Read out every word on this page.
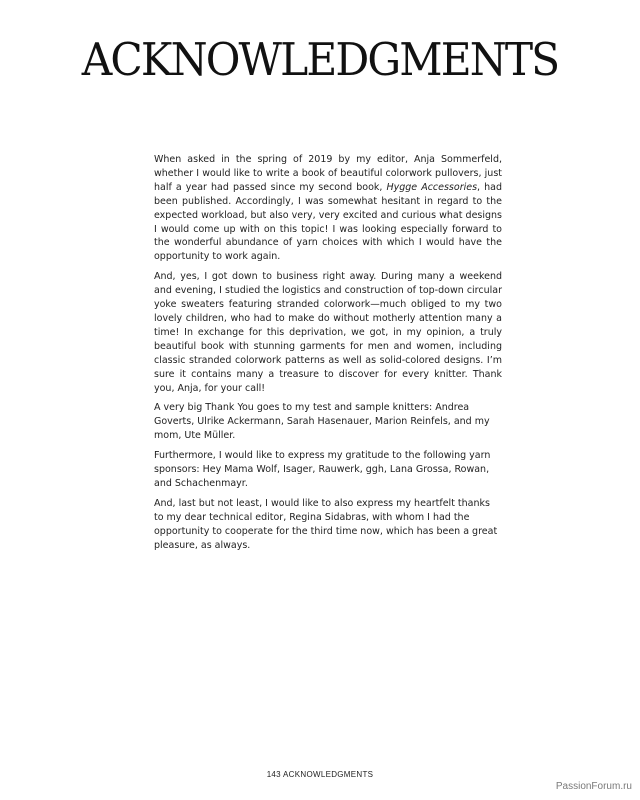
ACKNOWLEDGMENTS

When asked in the spring of 2019 by my editor, Anja Sommerfeld, whether I would like to write a book of beautiful colorwork pullovers, just half a year had passed since my second book, Hygge Accessories, had been published. Accordingly, I was somewhat hesitant in regard to the expected workload, but also very, very excited and curious what designs I would come up with on this topic! I was looking especially forward to the wonderful abundance of yarn choices with which I would have the opportunity to work again.

And, yes, I got down to business right away. During many a weekend and evening, I studied the logistics and construction of top-down circular yoke sweaters featuring stranded colorwork—much obliged to my two lovely children, who had to make do without motherly attention many a time! In exchange for this deprivation, we got, in my opinion, a truly beautiful book with stunning garments for men and women, including classic stranded colorwork patterns as well as solid-colored designs. I’m sure it contains many a treasure to discover for every knitter. Thank you, Anja, for your call!

A very big Thank You goes to my test and sample knitters: Andrea Goverts, Ulrike Ackermann, Sarah Hasenauer, Marion Reinfels, and my mom, Ute Müller.

Furthermore, I would like to express my gratitude to the following yarn sponsors: Hey Mama Wolf, Isager, Rauwerk, ggh, Lana Grossa, Rowan, and Schachenmayr.

And, last but not least, I would like to also express my heartfelt thanks to my dear technical editor, Regina Sidabras, with whom I had the opportunity to cooperate for the third time now, which has been a great pleasure, as always.

143 ACKNOWLEDGMENTS
PassionForum.ru
